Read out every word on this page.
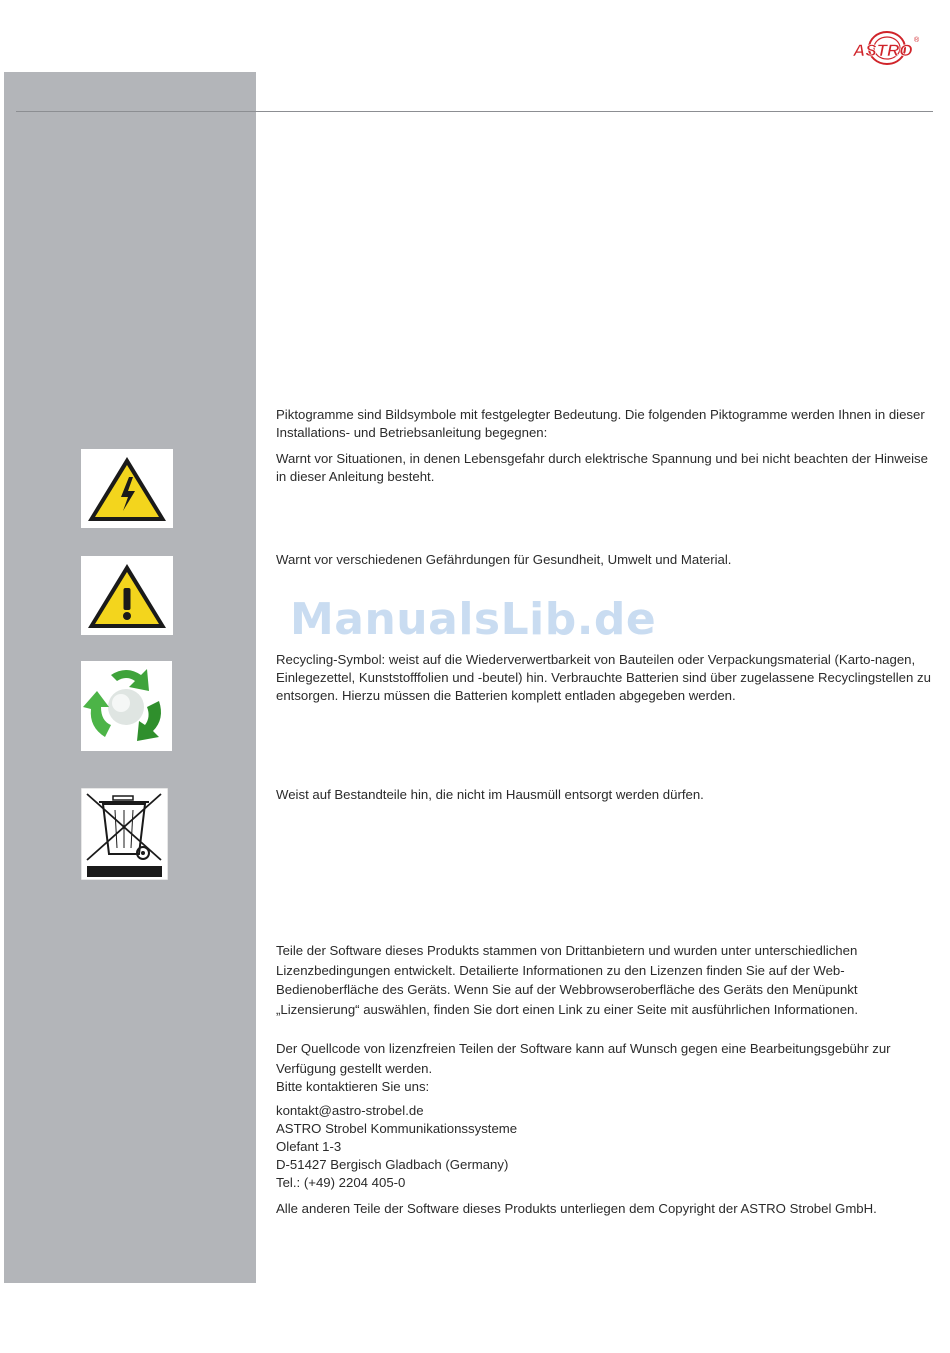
ASTRO
®

Piktogramme sind Bildsymbole mit festgelegter Bedeutung. Die folgenden Piktogramme werden Ihnen in dieser Installations- und Betriebsanleitung begegnen:

Warnt vor Situationen, in denen Lebensgefahr durch elektrische Spannung und bei nicht beachten der Hinweise in dieser Anleitung besteht.

Warnt vor verschiedenen Gefährdungen für Gesundheit, Umwelt und Material.

ManualsLib.de

Recycling-Symbol: weist auf die Wiederverwertbarkeit von Bauteilen oder Verpackungsmaterial (Karto-nagen, Einlegezettel, Kunststofffolien und -beutel) hin. Verbrauchte Batterien sind über zugelassene Recyclingstellen zu entsorgen. Hierzu müssen die Batterien komplett entladen abgegeben werden.

Weist auf Bestandteile hin, die nicht im Hausmüll entsorgt werden dürfen.

Teile der Software dieses Produkts stammen von Drittanbietern und wurden unter unterschiedlichen Lizenzbedingungen entwickelt. Detailierte Informationen zu den Lizenzen finden Sie auf der Web-Bedienoberfläche des Geräts. Wenn Sie auf der Webbrowseroberfläche des Geräts den Menüpunkt „Lizensierung“ auswählen, finden Sie dort einen Link zu einer Seite mit ausführlichen Informationen.

Der Quellcode von lizenzfreien Teilen der Software kann auf Wunsch gegen eine Bearbeitungsgebühr zur Verfügung gestellt werden.

Bitte kontaktieren Sie uns:

kontakt@astro-strobel.de
ASTRO Strobel Kommunikationssysteme
Olefant 1-3
D-51427 Bergisch Gladbach (Germany)
Tel.: (+49) 2204 405-0

Alle anderen Teile der Software dieses Produkts unterliegen dem Copyright der ASTRO Strobel GmbH.
